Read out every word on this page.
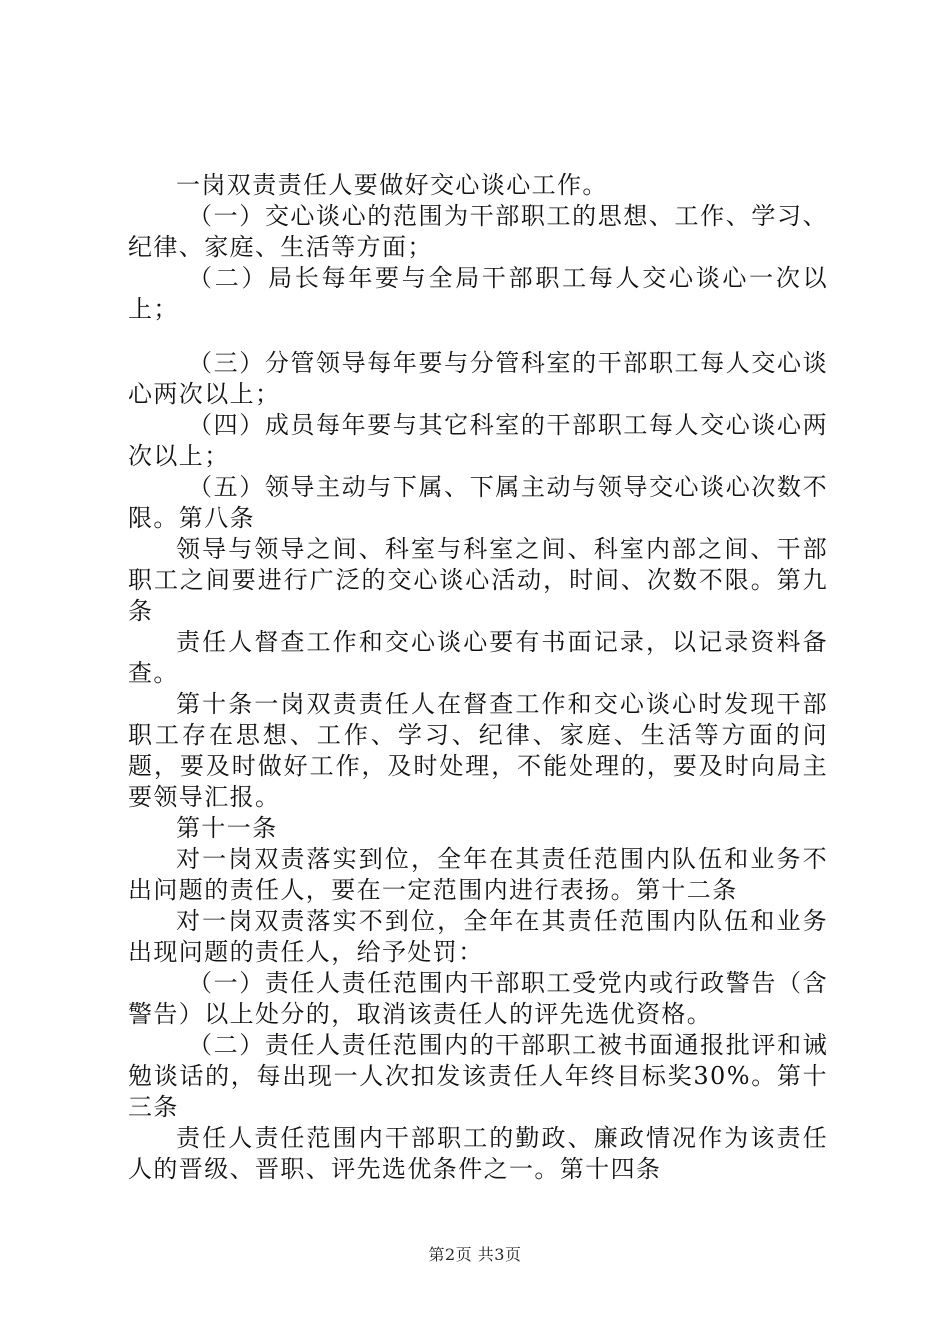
一岗双责责任人要做好交心谈心工作。

（一）交心谈心的范围为干部职工的思想、工作、学习、纪律、家庭、生活等方面；

（二）局长每年要与全局干部职工每人交心谈心一次以上；

（三）分管领导每年要与分管科室的干部职工每人交心谈心两次以上；

（四）成员每年要与其它科室的干部职工每人交心谈心两次以上；

（五）领导主动与下属、下属主动与领导交心谈心次数不限。第八条

领导与领导之间、科室与科室之间、科室内部之间、干部职工之间要进行广泛的交心谈心活动，时间、次数不限。第九条

责任人督查工作和交心谈心要有书面记录，以记录资料备查。

第十条一岗双责责任人在督查工作和交心谈心时发现干部职工存在思想、工作、学习、纪律、家庭、生活等方面的问题，要及时做好工作，及时处理，不能处理的，要及时向局主要领导汇报。

第十一条

对一岗双责落实到位，全年在其责任范围内队伍和业务不出问题的责任人，要在一定范围内进行表扬。第十二条

对一岗双责落实不到位，全年在其责任范围内队伍和业务出现问题的责任人，给予处罚：

（一）责任人责任范围内干部职工受党内或行政警告（含警告）以上处分的，取消该责任人的评先选优资格。

（二）责任人责任范围内的干部职工被书面通报批评和诫勉谈话的，每出现一人次扣发该责任人年终目标奖30%。第十三条

责任人责任范围内干部职工的勤政、廉政情况作为该责任人的晋级、晋职、评先选优条件之一。第十四条

第2页 共3页
